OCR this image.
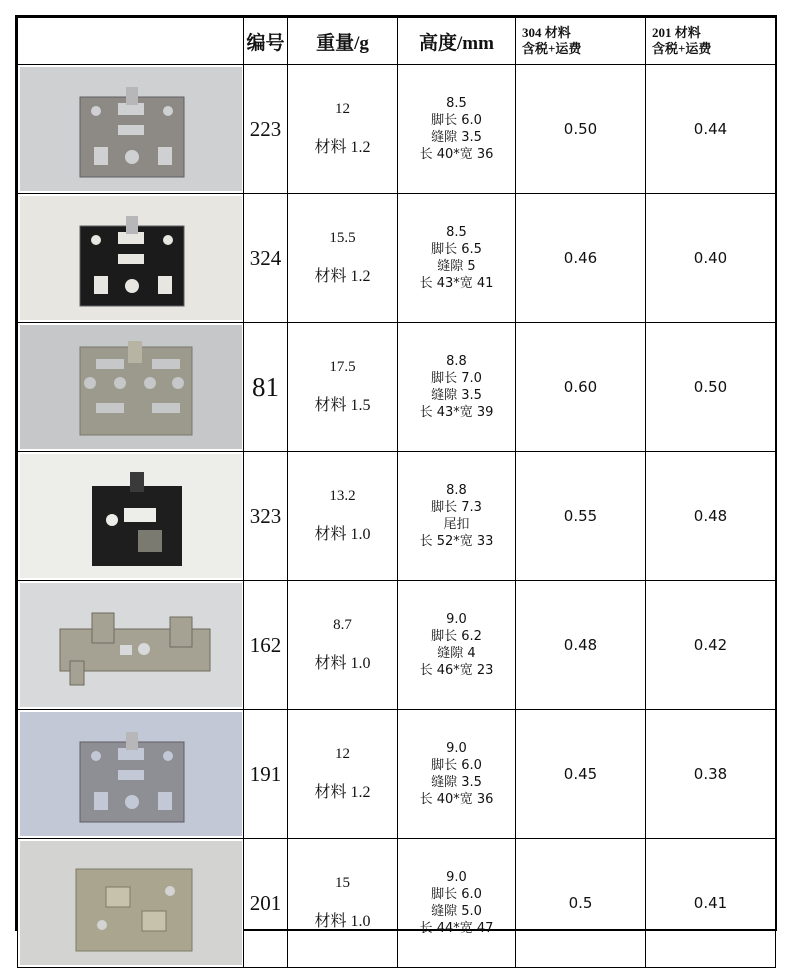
	编号	重量/g	高度/mm	304 材料
含税+运费	201 材料
含税+运费

	223	12
材料 1.2	8.5
脚长 6.0
缝隙 3.5
长 40*宽 36	0.50	0.44

	324	15.5
材料 1.2	8.5
脚长 6.5
缝隙 5
长 43*宽 41	0.46	0.40

	81	17.5
材料 1.5	8.8
脚长 7.0
缝隙 3.5
长 43*宽 39	0.60	0.50

	323	13.2
材料 1.0	8.8
脚长 7.3
尾扣
长 52*宽 33	0.55	0.48

	162	8.7
材料 1.0	9.0
脚长 6.2
缝隙 4
长 46*宽 23	0.48	0.42

	191	12
材料 1.2	9.0
脚长 6.0
缝隙 3.5
长 40*宽 36	0.45	0.38

	201	15
材料 1.0	9.0
脚长 6.0
缝隙 5.0
长 44*宽 47	0.5	0.41
